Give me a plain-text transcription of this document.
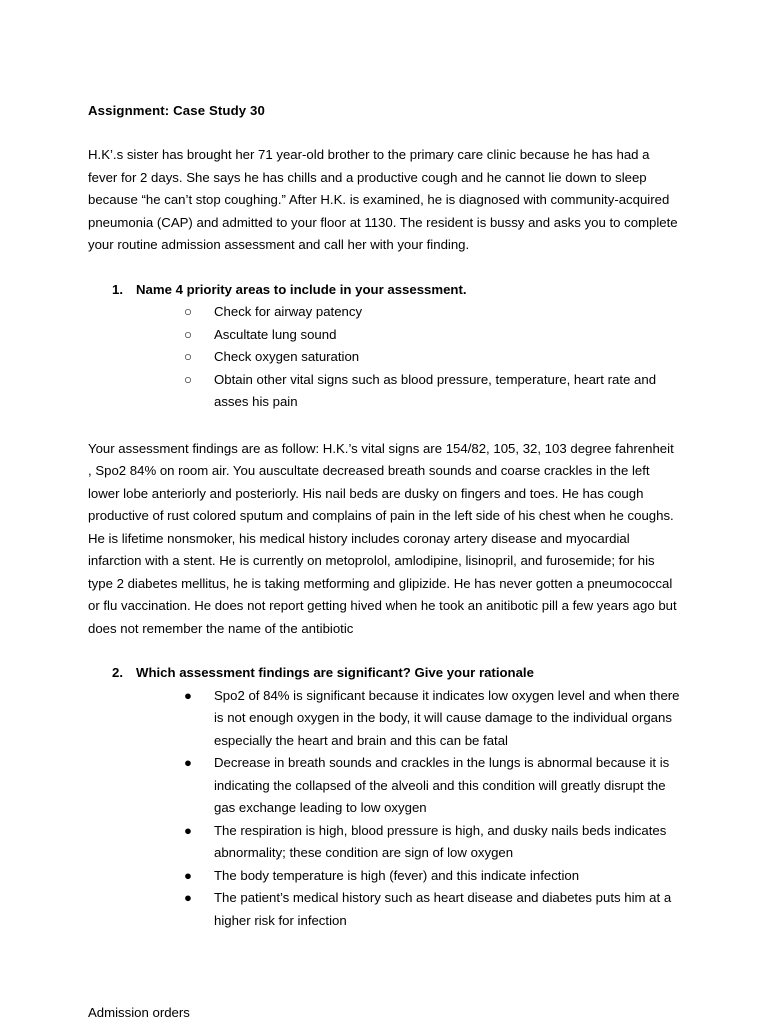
Assignment: Case Study 30

H.K’.s sister has brought her 71 year-old brother to the primary care clinic because he has had a fever for 2 days. She says he has chills and a productive cough and he cannot lie down to sleep because “he can’t stop coughing.” After H.K. is examined, he is diagnosed with community-acquired pneumonia (CAP) and admitted to your floor at 1130. The resident is bussy and asks you to complete your routine admission assessment and call her with your finding.

1. Name 4 priority areas to include in your assessment.
○ Check for airway patency
○ Ascultate lung sound
○ Check oxygen saturation
○ Obtain other vital signs such as blood pressure, temperature, heart rate and asses his pain

Your assessment findings are as follow: H.K.’s vital signs are 154/82, 105, 32, 103 degree fahrenheit , Spo2 84% on room air. You auscultate decreased breath sounds and coarse crackles in the left lower lobe anteriorly and posteriorly. His nail beds are dusky on fingers and toes. He has cough productive of rust colored sputum and complains of pain in the left side of his chest when he coughs. He is lifetime nonsmoker, his medical history includes coronay artery disease and myocardial infarction with a stent. He is currently on metoprolol, amlodipine, lisinopril, and furosemide; for his type 2 diabetes mellitus, he is taking metforming and glipizide. He has never gotten a pneumococcal or flu vaccination. He does not report getting hived when he took an anitibotic pill a few years ago but does not remember the name of the antibiotic

2. Which assessment findings are significant? Give your rationale
● Spo2 of 84% is significant because it indicates low oxygen level and when there is not enough oxygen in the body, it will cause damage to the individual organs especially the heart and brain and this can be fatal
● Decrease in breath sounds and crackles in the lungs is abnormal because it is indicating the collapsed of the alveoli and this condition will greatly disrupt the gas exchange leading to low oxygen
● The respiration is high, blood pressure is high, and dusky nails beds indicates abnormality; these condition are sign of low oxygen
● The body temperature is high (fever) and this indicate infection
● The patient’s medical history such as heart disease and diabetes puts him at a higher risk for infection

Admission orders
